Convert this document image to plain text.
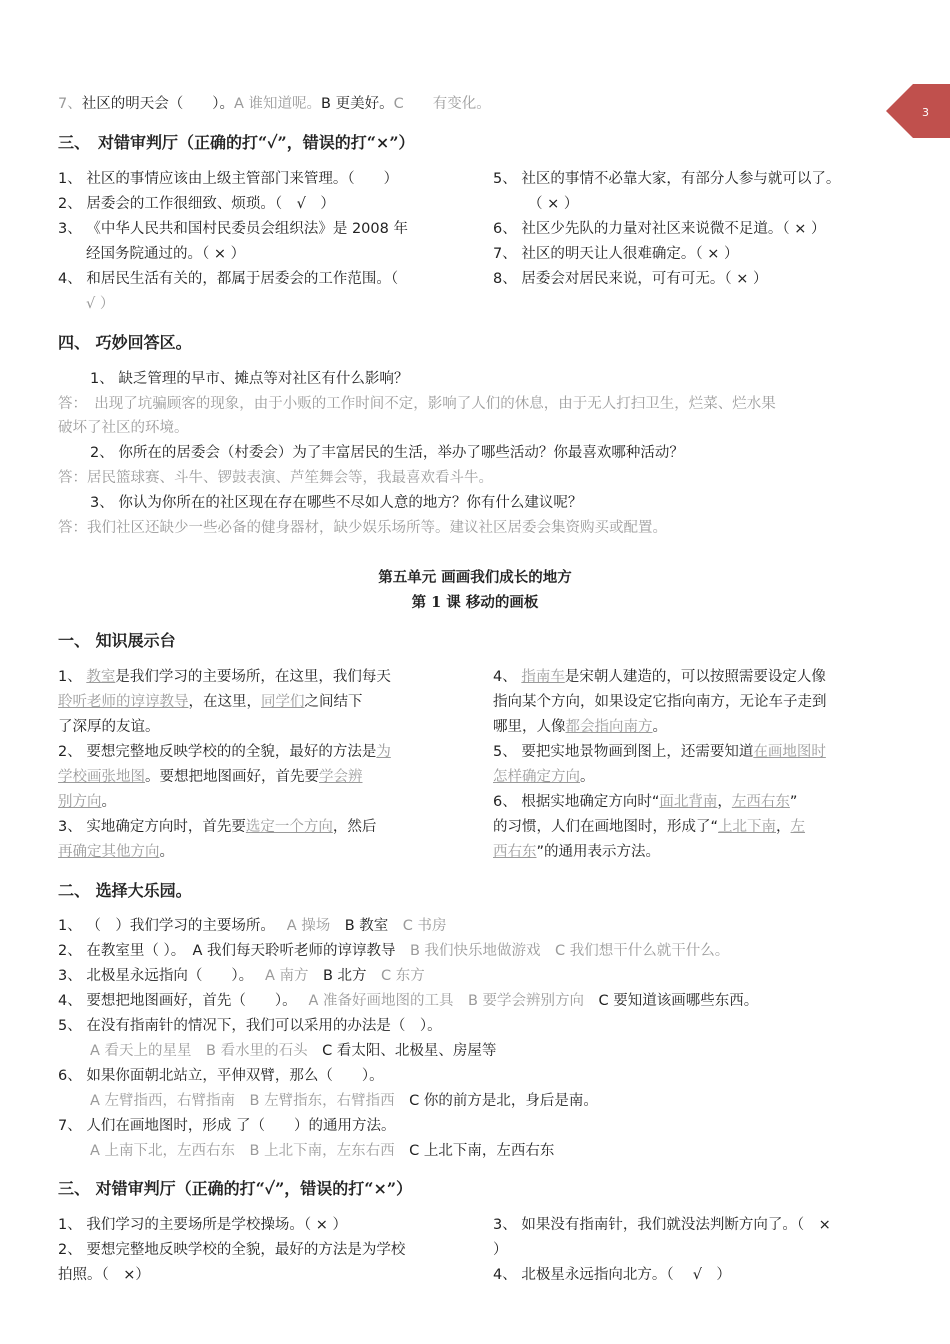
3
7、社区的明天会（　　）。A 谁知道呢。B 更美好。C　　有变化。
三、　对错审判厅（正确的打“✓”，错误的打“×”）
1、 社区的事情应该由上级主管部门来管理。（　　）
2、 居委会的工作很细致、烦琐。（　√　）
3、 《中华人民共和国村民委员会组织法》是 2008 年
经国务院通过的。（ × ）
4、 和居民生活有关的，都属于居委会的工作范围。（
√ ）
5、 社区的事情不必靠大家，有部分人参与就可以了。
（ × ）
6、 社区少先队的力量对社区来说微不足道。（ × ）
7、 社区的明天让人很难确定。（ × ）
8、 居委会对居民来说，可有可无。（ × ）
四、 巧妙回答区。
1、 缺乏管理的早市、摊点等对社区有什么影响？
答：　出现了坑骗顾客的现象，由于小贩的工作时间不定，影响了人们的休息，由于无人打扫卫生，烂菜、烂水果
破坏了社区的环境。
2、 你所在的居委会（村委会）为了丰富居民的生活，举办了哪些活动？你最喜欢哪种活动？
答：居民篮球赛、斗牛、锣鼓表演、芦笙舞会等，我最喜欢看斗牛。
3、 你认为你所在的社区现在存在哪些不尽如人意的地方？你有什么建议呢？
答：我们社区还缺少一些必备的健身器材，缺少娱乐场所等。建议社区居委会集资购买或配置。
第五单元 画画我们成长的地方
第 1 课 移动的画板
一、 知识展示台
1、 教室是我们学习的主要场所，在这里，我们每天
聆听老师的谆谆教导，在这里，同学们之间结下
了深厚的友谊。
2、 要想完整地反映学校的的全貌，最好的方法是为
学校画张地图。要想把地图画好，首先要学会辨
别方向。
3、 实地确定方向时，首先要选定一个方向，然后
再确定其他方向。
4、 指南车是宋朝人建造的，可以按照需要设定人像
指向某个方向，如果设定它指向南方，无论车子走到
哪里，人像都会指向南方。
5、 要把实地景物画到图上，还需要知道在画地图时
怎样确定方向。
6、 根据实地确定方向时“面北背南，左西右东”
的习惯，人们在画地图时，形成了“上北下南，左
西右东”的通用表示方法。
二、 选择大乐园。
1、 （　）我们学习的主要场所。　 A 操场　 B 教室　 C 书房
2、 在教室里（ ）。　 A 我们每天聆听老师的谆谆教导　 B 我们快乐地做游戏　 C 我们想干什么就干什么。
3、 北极星永远指向（　　）。　 A 南方　 B 北方　 C 东方
4、 要想把地图画好，首先（　　）。　 A 准备好画地图的工具　 B 要学会辨别方向　 C 要知道该画哪些东西。
5、 在没有指南针的情况下，我们可以采用的办法是（　）。
A 看天上的星星　 B 看水里的石头　 C 看太阳、北极星、房屋等
6、 如果你面朝北站立，平伸双臂，那么（　　）。
A 左臂指西，右臂指南　 B 左臂指东，右臂指西　 C 你的前方是北，身后是南。
7、 人们在画地图时，形成 了（　　）的通用方法。
A 上南下北，左西右东　 B 上北下南，左东右西　 C 上北下南，左西右东
三、 对错审判厅（正确的打“✓”，错误的打“×”）
1、 我们学习的主要场所是学校操场。（ × ）
2、 要想完整地反映学校的全貌，最好的方法是为学校
拍照。（　×）
3、 如果没有指南针，我们就没法判断方向了。（　×
）
4、 北极星永远指向北方。（　 √　）
